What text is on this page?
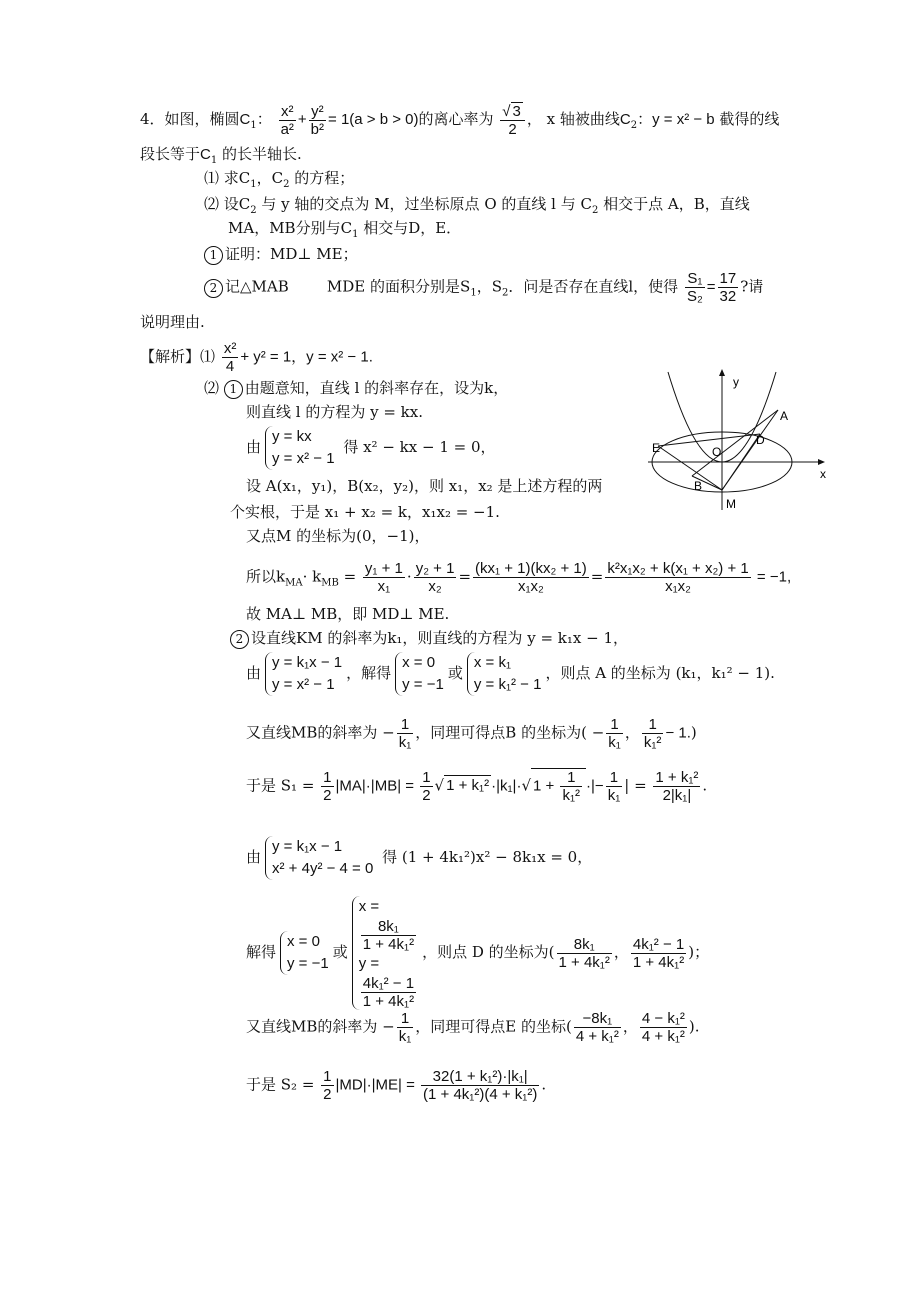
4．如图，椭圆$C_1$： $\frac{\text{x²}}{\text{a²}} + \frac{\text{y²}}{\text{b²}} = 1(a > b > 0)$的离心率为 $\frac{√ 3}{2}$ ， x 轴被曲线$C_2$：y = x² − b 截得的线
段长等于$C_1$ 的长半轴长.
⑴ 求$C_1$，$C_2$ 的方程；
⑵ 设$C_2$ 与 y 轴的交点为 M，过坐标原点 O 的直线 l 与 $C_2$ 相交于点 A，B，直线
MA，MB分别与$C_1$ 相交与D，E．
1 证明：MD⊥ ME；
2 记△MAB	MDE 的面积分别是$S_1$，$S_2$．问是否存在直线l，使得 $\frac{\text{S₁}}{\text{S₂}} = \frac{17}{32}$ ?请
说明理由.
【解析】⑴ $\frac{\text{x²}}{4} + y^2 = 1$，y = x² − 1.
⑵ 1 由题意知，直线 l 的斜率存在，设为k，
则直线 l 的方程为 y = kx.
由
y = kx
y = x² − 1
得 x² − kx − 1 = 0，
设 A(x₁，y₁)，B(x₂，y₂)，则 x₁，x₂ 是上述方程的两
个实根，于是 x₁ + x₂ = k，x₁x₂ = −1.
又点M 的坐标为(0，−1)，
所以$k_{MA}\cdot k_{MB} = \frac{\text{y₁ + 1}}{\text{x₁}} \cdot \frac{\text{y₂ + 1}}{\text{x₂}} = \frac{\text{(kx₁ + 1)(kx₂ + 1)}}{\text{x₁x₂}} = \frac{\text{k²x₁x₂ + k(x₁ + x₂) + 1}}{\text{x₁x₂}} = -1$,
故 MA⊥ MB，即 MD⊥ ME.
2 设直线KM 的斜率为k₁，则直线的方程为 y = k₁x − 1，
由
y = k₁x − 1
y = x² − 1
，解得
x = 0
y = −1
或
x = k₁
y = k₁² − 1
，则点 A 的坐标为 (k₁，k₁² − 1).
又直线MB的斜率为 − $\frac{1}{\text{k₁}}$ ，同理可得点B 的坐标为( − $\frac{1}{\text{k₁}}$ ， $\frac{1}{\text{k₁²}} - 1$.)
于是 $S_1 = \frac{1}{2} |MA|\cdot|MB| = \frac{1}{2}$ √ 1 + k₁² ·|k₁|·√ $1 + \frac{1}{\text{k₁²}}$ ·|− $\frac{1}{\text{k₁}}$ | = $\frac{\text{1 + k₁²}}{\text{2|k₁|}}$ .
由
y = k₁x − 1
x² + 4y² − 4 = 0
得 (1 + 4k₁²)x² − 8k₁x = 0，
解得
x = 0
y = −1
或
x =
8k₁
1 + 4k₁²
y =
4k₁² − 1
1 + 4k₁²
，则点 D 的坐标为( $\frac{\text{8k₁}}{\text{1 + 4k₁²}}$ ， $\frac{\text{4k₁² − 1}}{\text{1 + 4k₁²}}$ )；
又直线MB的斜率为 − $\frac{1}{\text{k₁}}$ ，同理可得点E 的坐标( $\frac{\text{−8k₁}}{\text{4 + k₁²}}$ ， $\frac{\text{4 − k₁²}}{\text{4 + k₁²}}$ ).
于是 $S_2 = \frac{1}{2} |MD|\cdot|ME| = \frac{\text{32(1 + k₁²)·|k₁|}}{\text{(1 + 4k₁²)(4 + k₁²)}}$ .
y
x
A
D
E	O
B
M
